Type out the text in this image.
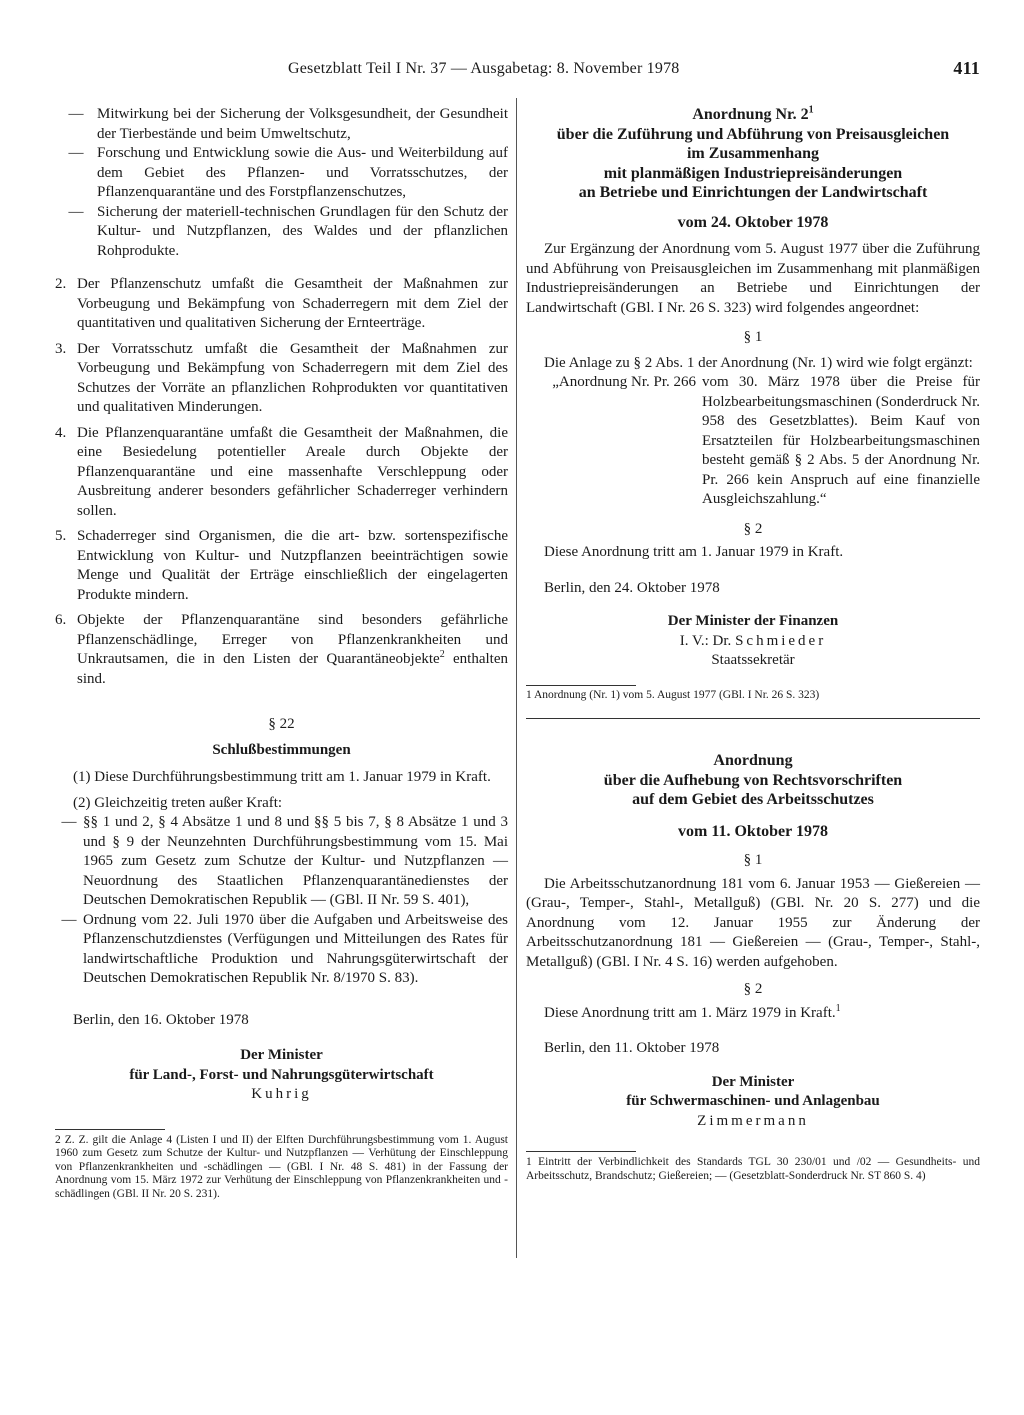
Gesetzblatt Teil I Nr. 37 — Ausgabetag: 8. November 1978	411
— Mitwirkung bei der Sicherung der Volksgesundheit, der Gesundheit der Tierbestände und beim Umweltschutz,
— Forschung und Entwicklung sowie die Aus- und Weiterbildung auf dem Gebiet des Pflanzen- und Vorratsschutzes, der Pflanzenquarantäne und des Forstpflanzenschutzes,
— Sicherung der materiell-technischen Grundlagen für den Schutz der Kultur- und Nutzpflanzen, des Waldes und der pflanzlichen Rohprodukte.
2. Der Pflanzenschutz umfaßt die Gesamtheit der Maßnahmen zur Vorbeugung und Bekämpfung von Schaderregern mit dem Ziel der quantitativen und qualitativen Sicherung der Ernteerträge.
3. Der Vorratsschutz umfaßt die Gesamtheit der Maßnahmen zur Vorbeugung und Bekämpfung von Schaderregern mit dem Ziel des Schutzes der Vorräte an pflanzlichen Rohprodukten vor quantitativen und qualitativen Minderungen.
4. Die Pflanzenquarantäne umfaßt die Gesamtheit der Maßnahmen, die eine Besiedelung potentieller Areale durch Objekte der Pflanzenquarantäne und eine massenhafte Verschleppung oder Ausbreitung anderer besonders gefährlicher Schaderreger verhindern sollen.
5. Schaderreger sind Organismen, die die art- bzw. sortenspezifische Entwicklung von Kultur- und Nutzpflanzen beeinträchtigen sowie Menge und Qualität der Erträge einschließlich der eingelagerten Produkte mindern.
6. Objekte der Pflanzenquarantäne sind besonders gefährliche Pflanzenschädlinge, Erreger von Pflanzenkrankheiten und Unkrautsamen, die in den Listen der Quarantäneobjekte$^2$ enthalten sind.
§ 22
Schlußbestimmungen
(1) Diese Durchführungsbestimmung tritt am 1. Januar 1979 in Kraft.
(2) Gleichzeitig treten außer Kraft:
— §§ 1 und 2, § 4 Absätze 1 und 8 und §§ 5 bis 7, § 8 Absätze 1 und 3 und § 9 der Neunzehnten Durchführungsbestimmung vom 15. Mai 1965 zum Gesetz zum Schutze der Kultur- und Nutzpflanzen — Neuordnung des Staatlichen Pflanzenquarantänedienstes der Deutschen Demokratischen Republik — (GBl. II Nr. 59 S. 401),
— Ordnung vom 22. Juli 1970 über die Aufgaben und Arbeitsweise des Pflanzenschutzdienstes (Verfügungen und Mitteilungen des Rates für landwirtschaftliche Produktion und Nahrungsgüterwirtschaft der Deutschen Demokratischen Republik Nr. 8/1970 S. 83).
Berlin, den 16. Oktober 1978
Der Minister
für Land-, Forst- und Nahrungsgüterwirtschaft
Kuhrig
2 Z. Z. gilt die Anlage 4 (Listen I und II) der Elften Durchführungsbestimmung vom 1. August 1960 zum Gesetz zum Schutze der Kultur- und Nutzpflanzen — Verhütung der Einschleppung von Pflanzenkrankheiten und -schädlingen — (GBl. I Nr. 48 S. 481) in der Fassung der Anordnung vom 15. März 1972 zur Verhütung der Einschleppung von Pflanzenkrankheiten und -schädlingen (GBl. II Nr. 20 S. 231).
Anordnung Nr. $2^1$
über die Zuführung und Abführung von Preisausgleichen
im Zusammenhang
mit planmäßigen Industriepreisänderungen
an Betriebe und Einrichtungen der Landwirtschaft
vom 24. Oktober 1978
Zur Ergänzung der Anordnung vom 5. August 1977 über die Zuführung und Abführung von Preisausgleichen im Zusammenhang mit planmäßigen Industriepreisänderungen an Betriebe und Einrichtungen der Landwirtschaft (GBl. I Nr. 26 S. 323) wird folgendes angeordnet:
§ 1
Die Anlage zu § 2 Abs. 1 der Anordnung (Nr. 1) wird wie folgt ergänzt:
„Anordnung Nr. Pr. 266 vom 30. März 1978 über die Preise für Holzbearbeitungsmaschinen (Sonderdruck Nr. 958 des Gesetzblattes). Beim Kauf von Ersatzteilen für Holzbearbeitungsmaschinen besteht gemäß § 2 Abs. 5 der Anordnung Nr. Pr. 266 kein Anspruch auf eine finanzielle Ausgleichszahlung.“
§ 2
Diese Anordnung tritt am 1. Januar 1979 in Kraft.
Berlin, den 24. Oktober 1978
Der Minister der Finanzen
I. V.: Dr. Schmieder
Staatssekretär
1 Anordnung (Nr. 1) vom 5. August 1977 (GBl. I Nr. 26 S. 323)
Anordnung
über die Aufhebung von Rechtsvorschriften
auf dem Gebiet des Arbeitsschutzes
vom 11. Oktober 1978
§ 1
Die Arbeitsschutzanordnung 181 vom 6. Januar 1953 — Gießereien — (Grau-, Temper-, Stahl-, Metallguß) (GBl. Nr. 20 S. 277) und die Anordnung vom 12. Januar 1955 zur Änderung der Arbeitsschutzanordnung 181 — Gießereien — (Grau-, Temper-, Stahl-, Metallguß) (GBl. I Nr. 4 S. 16) werden aufgehoben.
§ 2
Diese Anordnung tritt am 1. März 1979 in Kraft.$^1$
Berlin, den 11. Oktober 1978
Der Minister
für Schwermaschinen- und Anlagenbau
Zimmermann
1 Eintritt der Verbindlichkeit des Standards TGL 30 230/01 und /02 — Gesundheits- und Arbeitsschutz, Brandschutz; Gießereien; — (Gesetzblatt-Sonderdruck Nr. ST 860 S. 4)
